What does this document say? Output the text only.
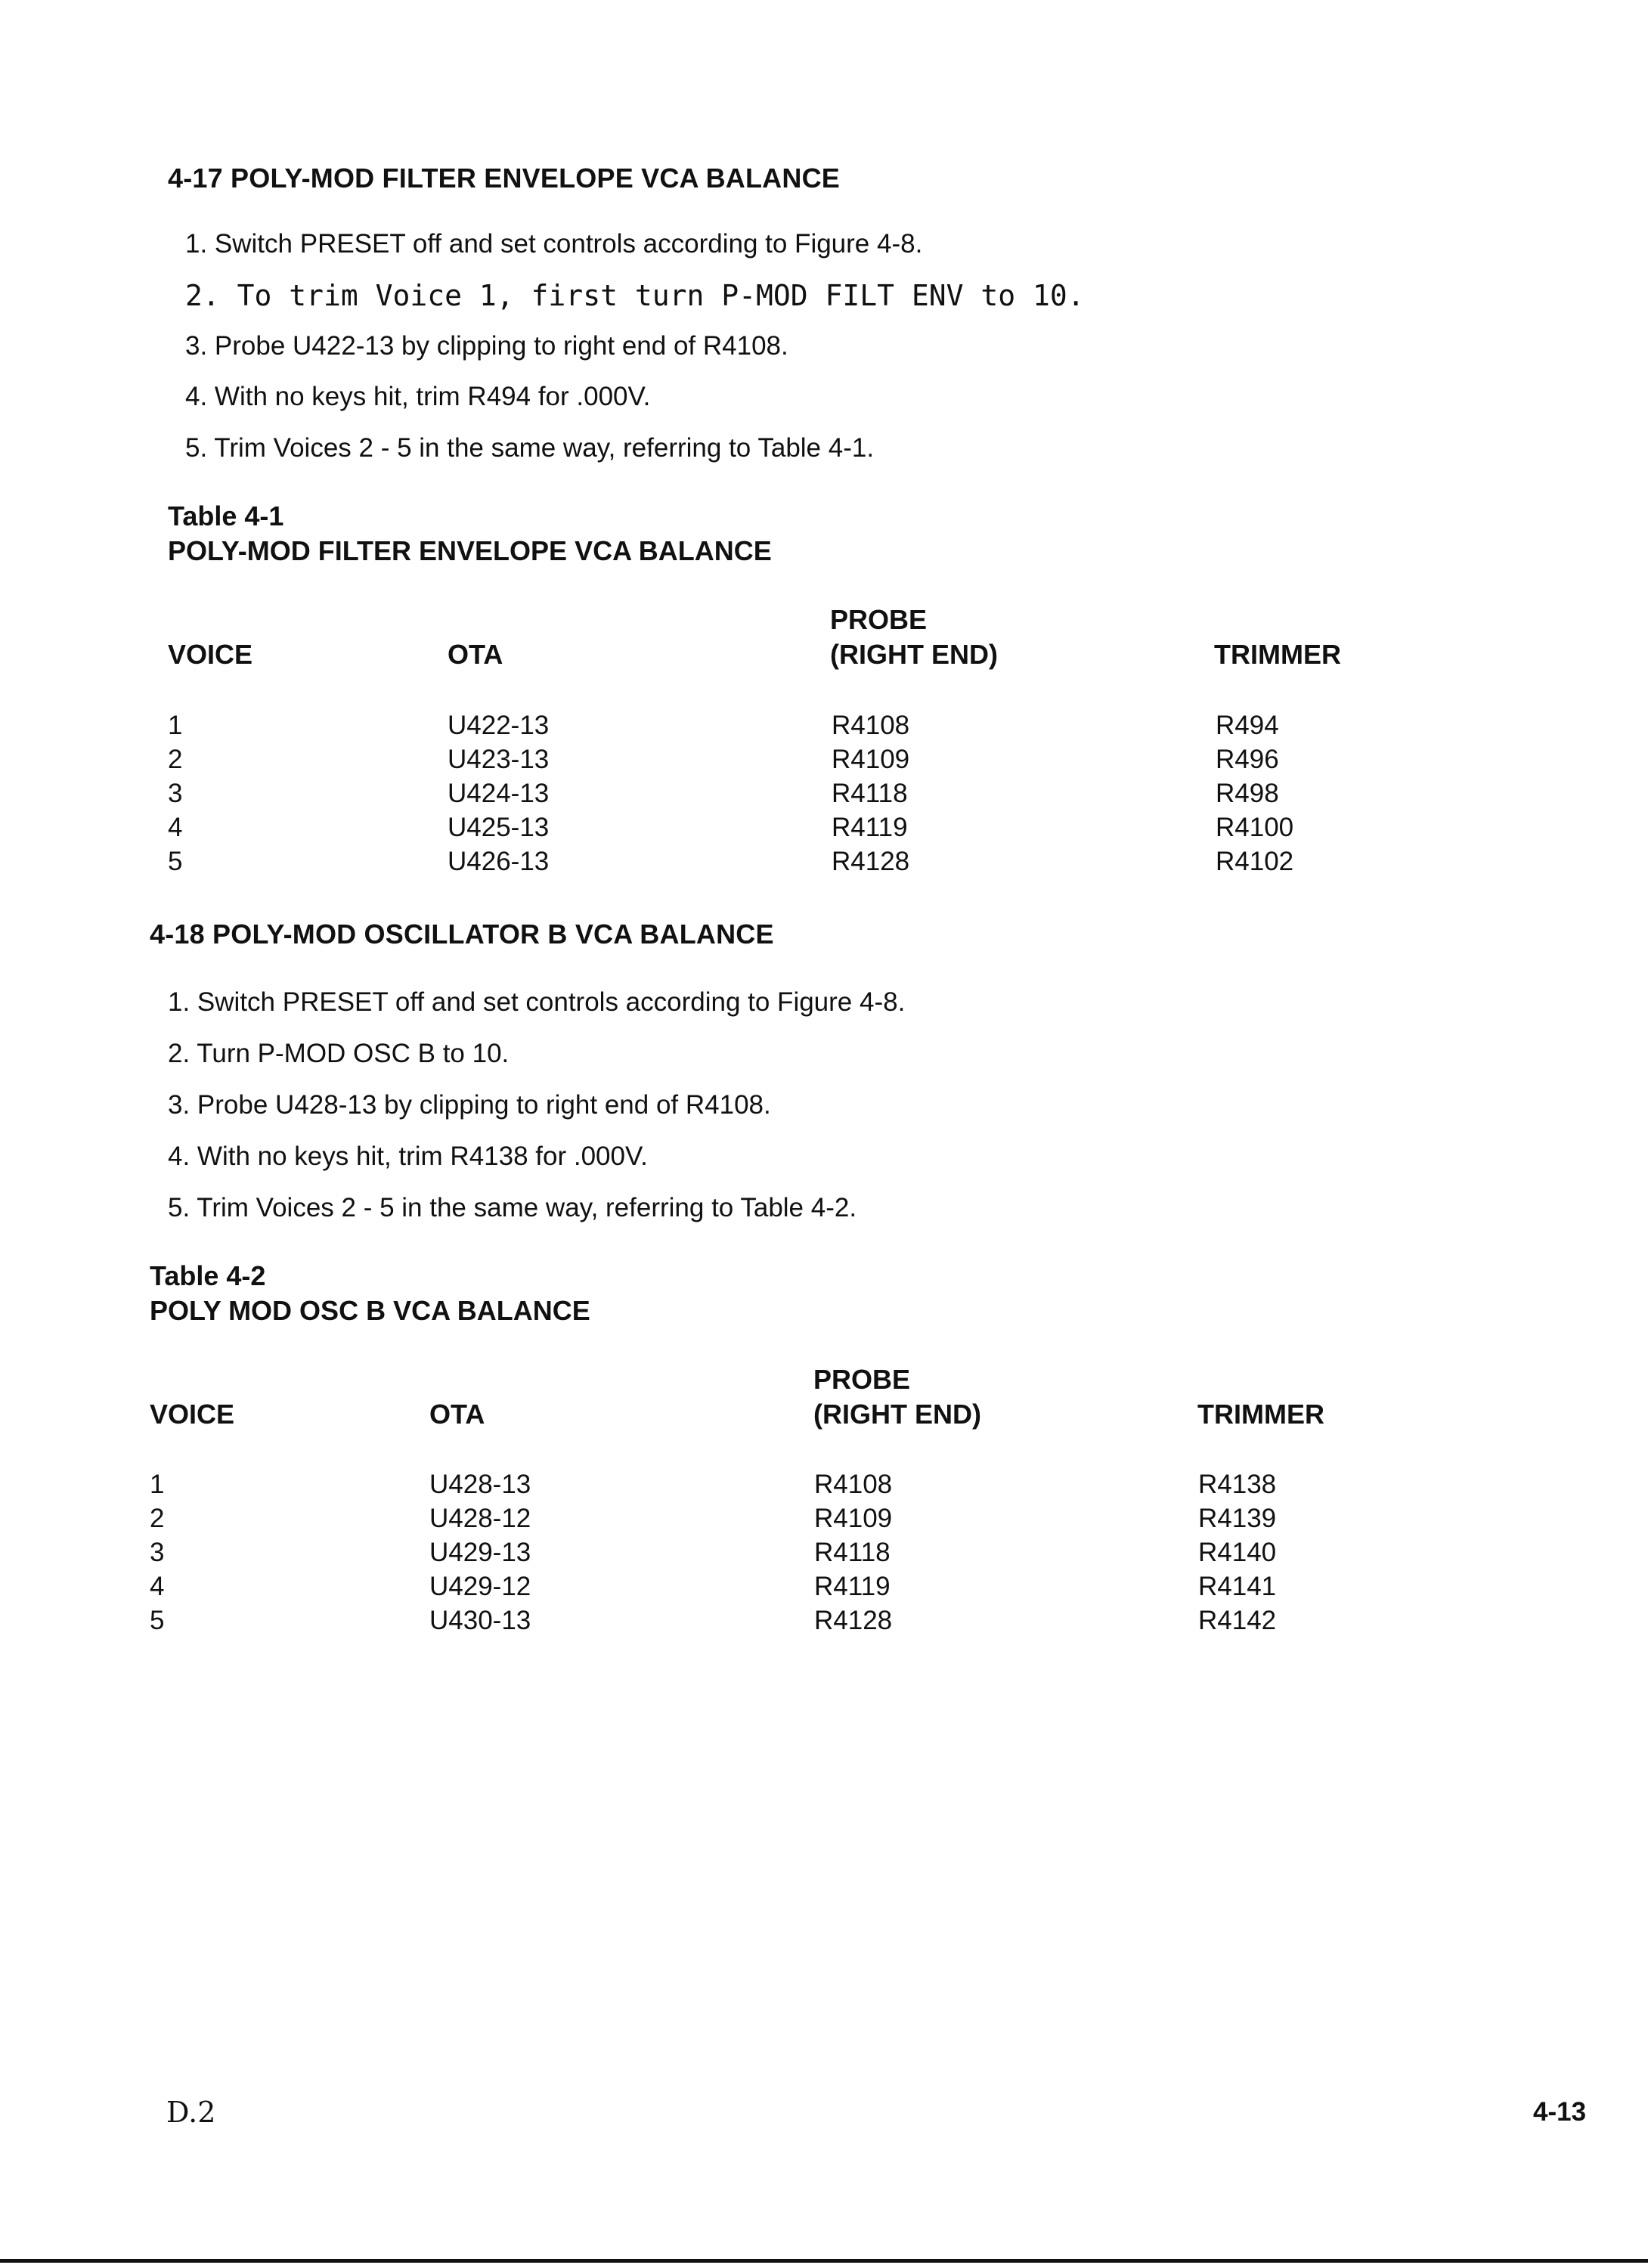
4-17 POLY-MOD FILTER ENVELOPE VCA BALANCE
1. Switch PRESET off and set controls according to Figure 4-8.
2. To trim Voice 1, first turn P-MOD FILT ENV to 10.
3. Probe U422-13 by clipping to right end of R4108.
4. With no keys hit, trim R494 for .000V.
5. Trim Voices 2 - 5 in the same way, referring to Table 4-1.
Table 4-1
POLY-MOD FILTER ENVELOPE VCA BALANCE
VOICE	OTA
PROBE
(RIGHT END)	TRIMMER
1	U422-13	R4108	R494
2	U423-13	R4109	R496
3	U424-13	R4118	R498
4	U425-13	R4119	R4100
5	U426-13	R4128	R4102
4-18 POLY-MOD OSCILLATOR B VCA BALANCE
1. Switch PRESET off and set controls according to Figure 4-8.
2. Turn P-MOD OSC B to 10.
3. Probe U428-13 by clipping to right end of R4108.
4. With no keys hit, trim R4138 for .000V.
5. Trim Voices 2 - 5 in the same way, referring to Table 4-2.
Table 4-2
POLY MOD OSC B VCA BALANCE
VOICE	OTA
PROBE
(RIGHT END)	TRIMMER
1	U428-13	R4108	R4138
2	U428-12	R4109	R4139
3	U429-13	R4118	R4140
4	U429-12	R4119	R4141
5	U430-13	R4128	R4142
D.2	4-13
